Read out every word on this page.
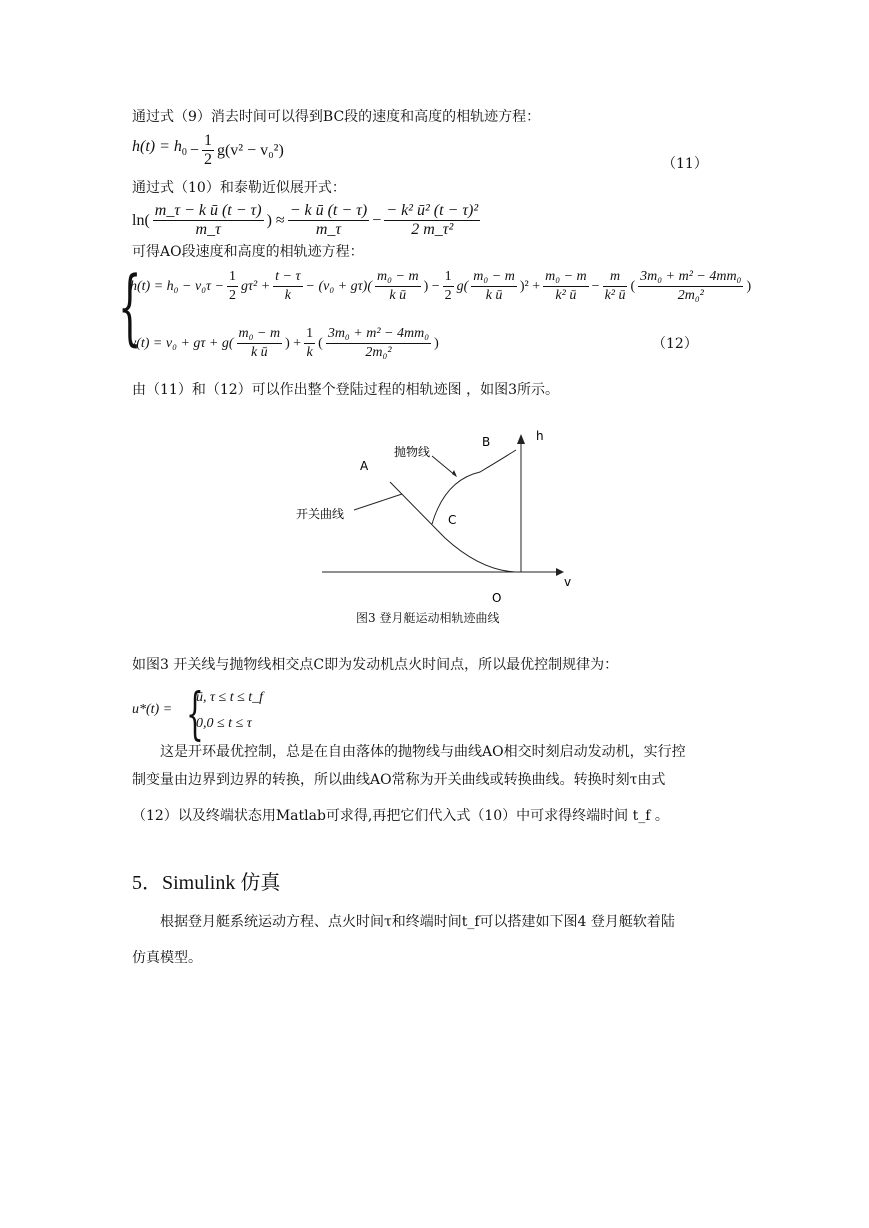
通过式（9）消去时间可以得到BC段的速度和高度的相轨迹方程：
$h(t) = h_0 - \frac{1}{2} g(v^2 - v_0^2)$
（11）
通过式（10）和泰勒近似展开式：
$\ln( \frac{\text{m\_τ − k ū (t − τ)}}{m\_\tau}$ ) ≈ $\frac{\text{− k ū (t − τ)}}{m\_\tau} - \frac{\text{− k² ū² (t − τ)²}}{\text{2 m\_τ²}}$
可得AO段速度和高度的相轨迹方程：
{
$h(t) = h_0 - v_0\tau - \frac{1}{2} g\tau^2 + \frac{t - \tau}{k} - (v_0 + g\tau)( \frac{\text{m₀ − m}}{\text{k ū}}$ ) − $\frac{1}{2} g( \frac{\text{m₀ − m}}{\text{k ū}} )^2 + \frac{\text{m₀ − m}}{\text{k² ū}} - \frac{m}{\text{k² ū}}$ ( $\frac{\text{3m₀ + m² − 4mm₀}}{\text{2m₀²}}$ )
$v(t) = v_0 + g\tau + g( \frac{\text{m₀ − m}}{\text{k ū}}$ ) + $\frac{1}{k}$ ( $\frac{\text{3m₀ + m² − 4mm₀}}{\text{2m₀²}}$ )	（12）
由（11）和（12）可以作出整个登陆过程的相轨迹图 ，如图3所示。
h
v
A
B
C
O
抛物线
开关曲线
图3 登月艇运动相轨迹曲线
如图3 开关线与抛物线相交点C即为发动机点火时间点，所以最优控制规律为：
u*(t) = {
ū, τ ≤ t ≤ t_f
0,0 ≤ t ≤ τ
这是开环最优控制，总是在自由落体的抛物线与曲线AO相交时刻启动发动机，实行控
制变量由边界到边界的转换，所以曲线AO常称为开关曲线或转换曲线。转换时刻τ由式
（12）以及终端状态用Matlab可求得,再把它们代入式（10）中可求得终端时间 t_f 。
5．Simulink 仿真
根据登月艇系统运动方程、点火时间τ和终端时间t_f可以搭建如下图4 登月艇软着陆
仿真模型。
